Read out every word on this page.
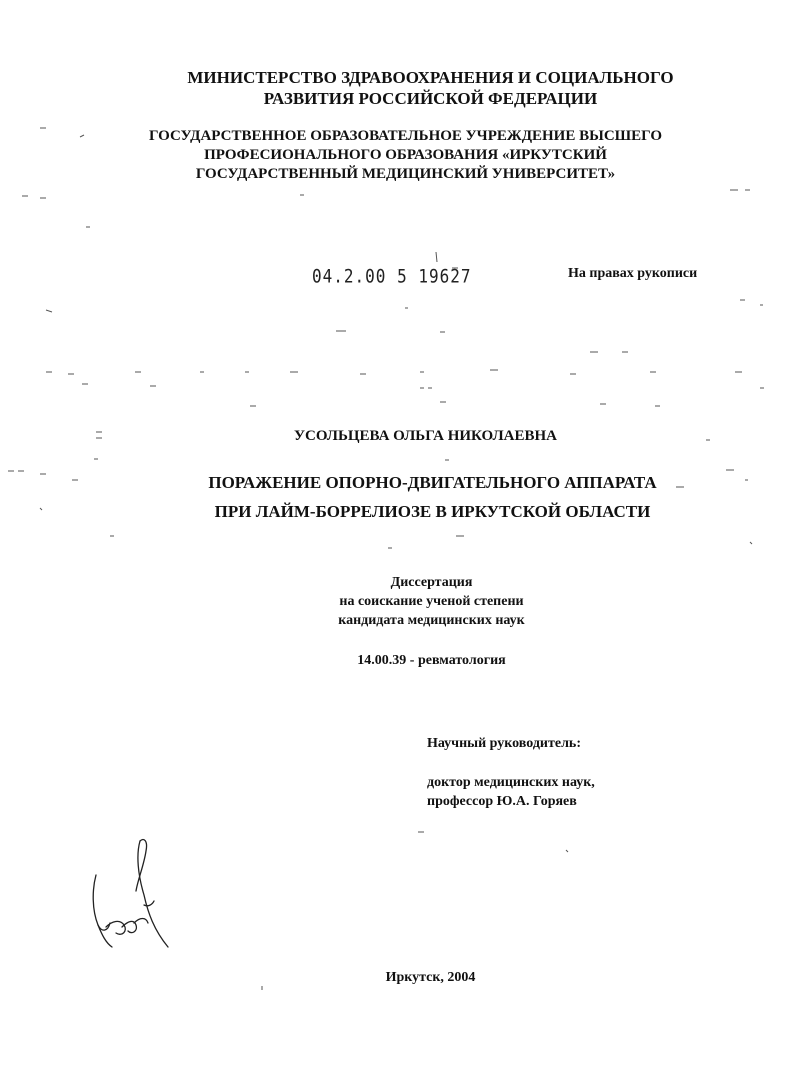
МИНИСТЕРСТВО ЗДРАВООХРАНЕНИЯ И СОЦИАЛЬНОГО
РАЗВИТИЯ РОССИЙСКОЙ ФЕДЕРАЦИИ
ГОСУДАРСТВЕННОЕ ОБРАЗОВАТЕЛЬНОЕ УЧРЕЖДЕНИЕ ВЫСШЕГО
ПРОФЕСИОНАЛЬНОГО ОБРАЗОВАНИЯ «ИРКУТСКИЙ
ГОСУДАРСТВЕННЫЙ МЕДИЦИНСКИЙ УНИВЕРСИТЕТ»
04.2.00 5 19627	На правах рукописи
УСОЛЬЦЕВА ОЛЬГА НИКОЛАЕВНА
ПОРАЖЕНИЕ ОПОРНО-ДВИГАТЕЛЬНОГО АППАРАТА
ПРИ ЛАЙМ-БОРРЕЛИОЗЕ В ИРКУТСКОЙ ОБЛАСТИ
Диссертация
на соискание ученой степени
кандидата медицинских наук
14.00.39 - ревматология
Научный руководитель:
доктор медицинских наук,
профессор Ю.А. Горяев
Иркутск, 2004
